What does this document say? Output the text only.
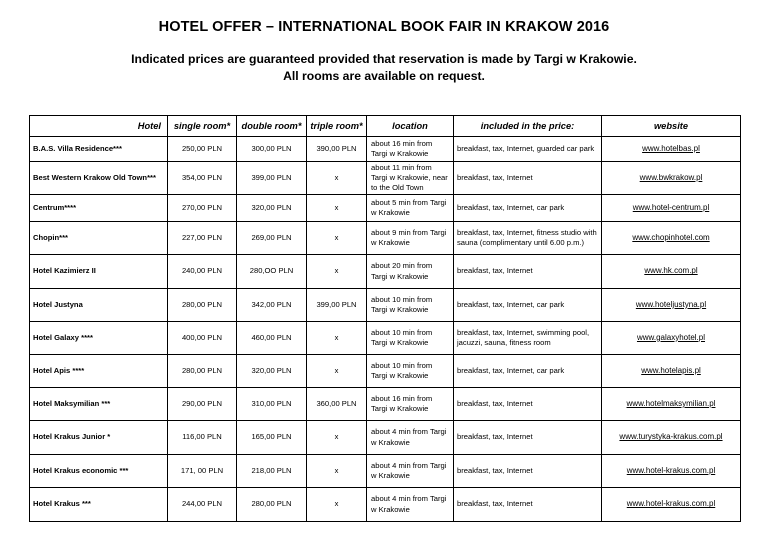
HOTEL OFFER – INTERNATIONAL BOOK FAIR IN KRAKOW 2016
Indicated prices are guaranteed provided that reservation is made by Targi w Krakowie.
All rooms are available on request.
Hotel	single room*	double room*	triple room*	location	included in the price:	website
B.A.S. Villa Residence***	250,00 PLN	300,00 PLN	390,00 PLN	about 16 min from Targi w Krakowie	breakfast, tax, Internet, guarded car park	www.hotelbas.pl
Best Western Krakow Old Town***	354,00 PLN	399,00 PLN	x	about 11 min from Targi w Krakowie, near to the Old Town	breakfast, tax, Internet	www.bwkrakow.pl
Centrum****	270,00 PLN	320,00 PLN	x	about 5 min from Targi w Krakowie	breakfast, tax, Internet, car park	www.hotel-centrum.pl
Chopin***	227,00 PLN	269,00 PLN	x	about 9 min from Targi w Krakowie	breakfast, tax, Internet, fitness studio with sauna (complimentary until 6.00 p.m.)	www.chopinhotel.com
Hotel Kazimierz II	240,00 PLN	280,OO PLN	x	about 20 min from Targi w Krakowie	breakfast, tax, Internet	www.hk.com.pl
Hotel Justyna	280,00 PLN	342,00 PLN	399,00 PLN	about 10 min from Targi w Krakowie	breakfast, tax, Internet, car park	www.hoteljustyna.pl
Hotel Galaxy ****	400,00 PLN	460,00 PLN	x	about 10 min from Targi w Krakowie	breakfast, tax, Internet, swimming pool, jacuzzi, sauna, fitness room	www.galaxyhotel.pl
Hotel Apis ****	280,00 PLN	320,00 PLN	x	about 10 min from Targi w Krakowie	breakfast, tax, Internet, car park	www.hotelapis.pl
Hotel Maksymilian ***	290,00 PLN	310,00 PLN	360,00 PLN	about 16 min from Targi w Krakowie	breakfast, tax, Internet	www.hotelmaksymilian.pl
Hotel Krakus Junior *	116,00 PLN	165,00 PLN	x	about 4 min from Targi w Krakowie	breakfast, tax, Internet	www.turystyka-krakus.com.pl
Hotel Krakus economic ***	171, 00 PLN	218,00 PLN	x	about 4 min from Targi w Krakowie	breakfast, tax, Internet	www.hotel-krakus.com.pl
Hotel Krakus ***	244,00 PLN	280,00 PLN	x	about 4 min from Targi w Krakowie	breakfast, tax, Internet	www.hotel-krakus.com.pl
